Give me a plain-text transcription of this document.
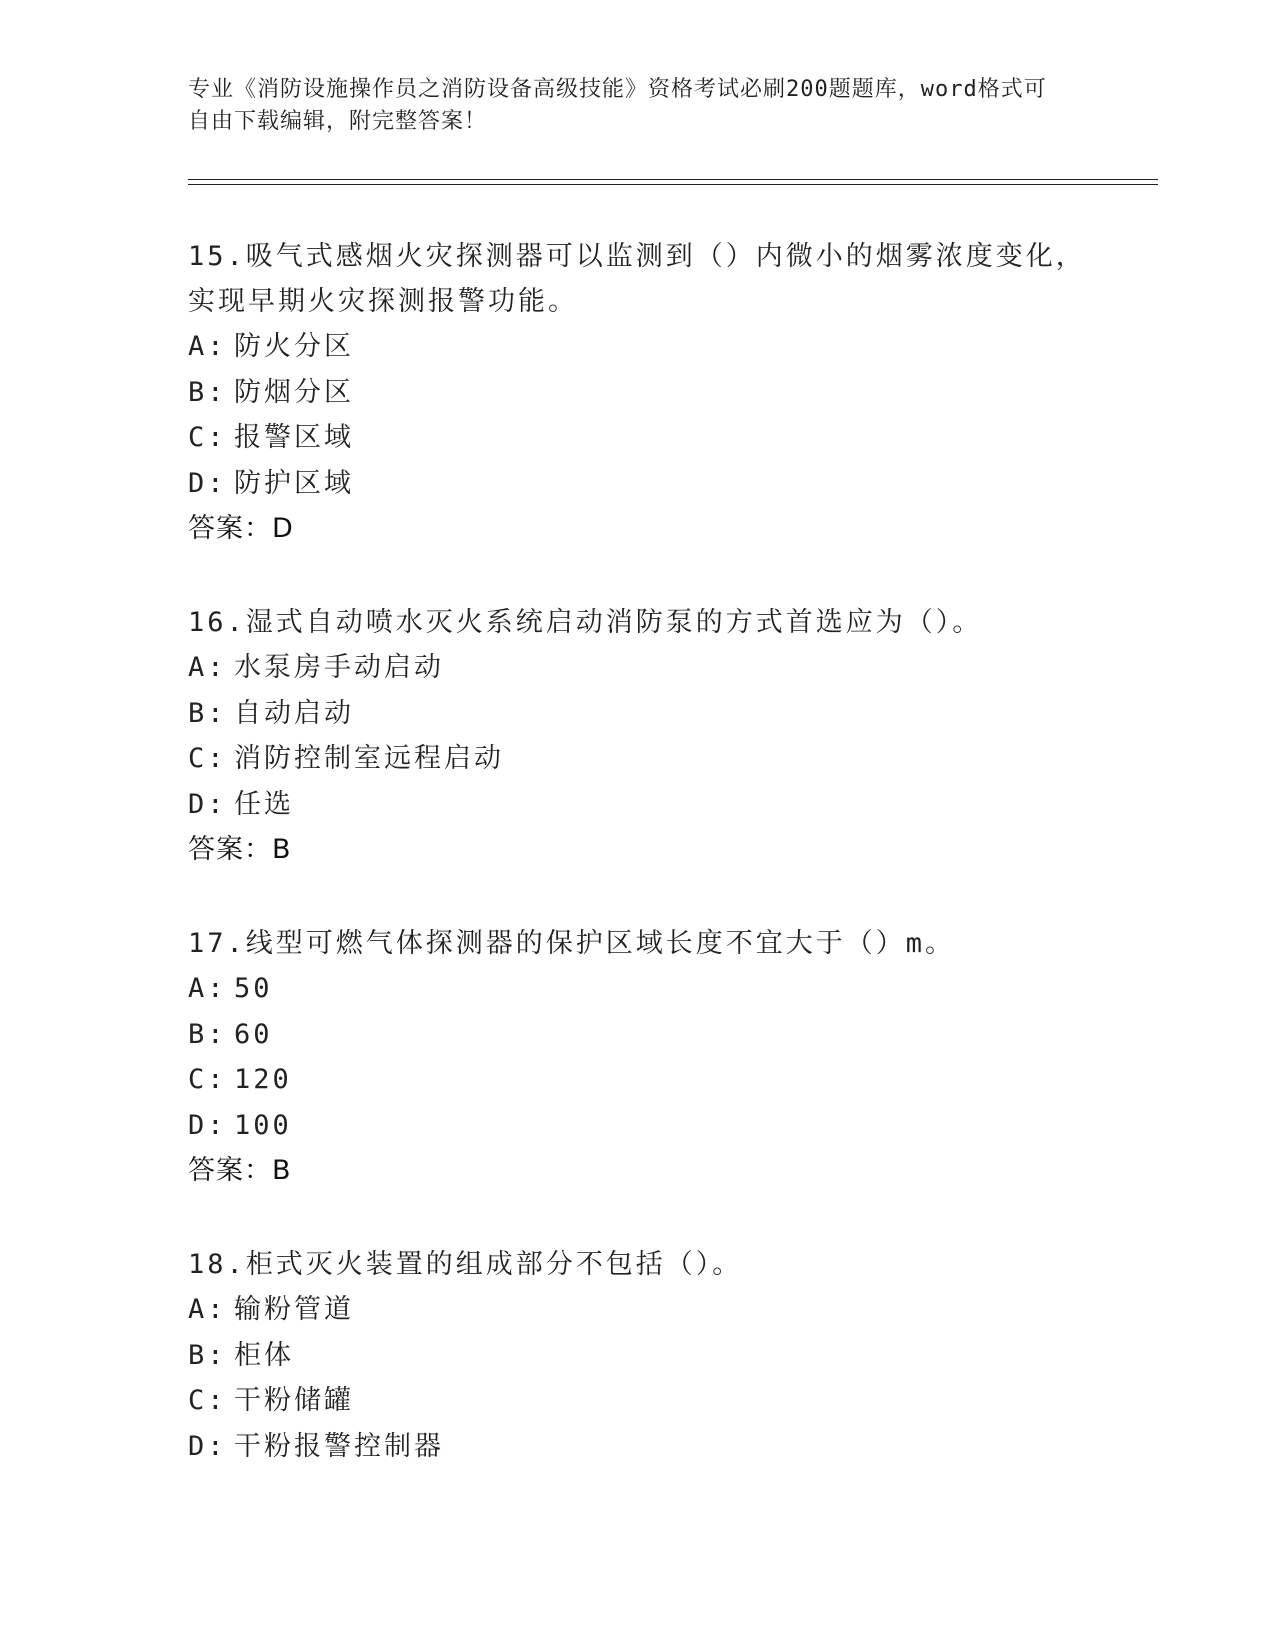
专业《消防设施操作员之消防设备高级技能》资格考试必刷200题题库，word格式可自由下载编辑，附完整答案！

15.吸气式感烟火灾探测器可以监测到（）内微小的烟雾浓度变化，实现早期火灾探测报警功能。

A: 防火分区
B: 防烟分区
C: 报警区域
D: 防护区域
答案：D

16.湿式自动喷水灭火系统启动消防泵的方式首选应为（）。

A: 水泵房手动启动
B: 自动启动
C: 消防控制室远程启动
D: 任选
答案：B

17.线型可燃气体探测器的保护区域长度不宜大于（）m。

A: 50
B: 60
C: 120
D: 100
答案：B

18.柜式灭火装置的组成部分不包括（）。

A: 输粉管道
B: 柜体
C: 干粉储罐
D: 干粉报警控制器
